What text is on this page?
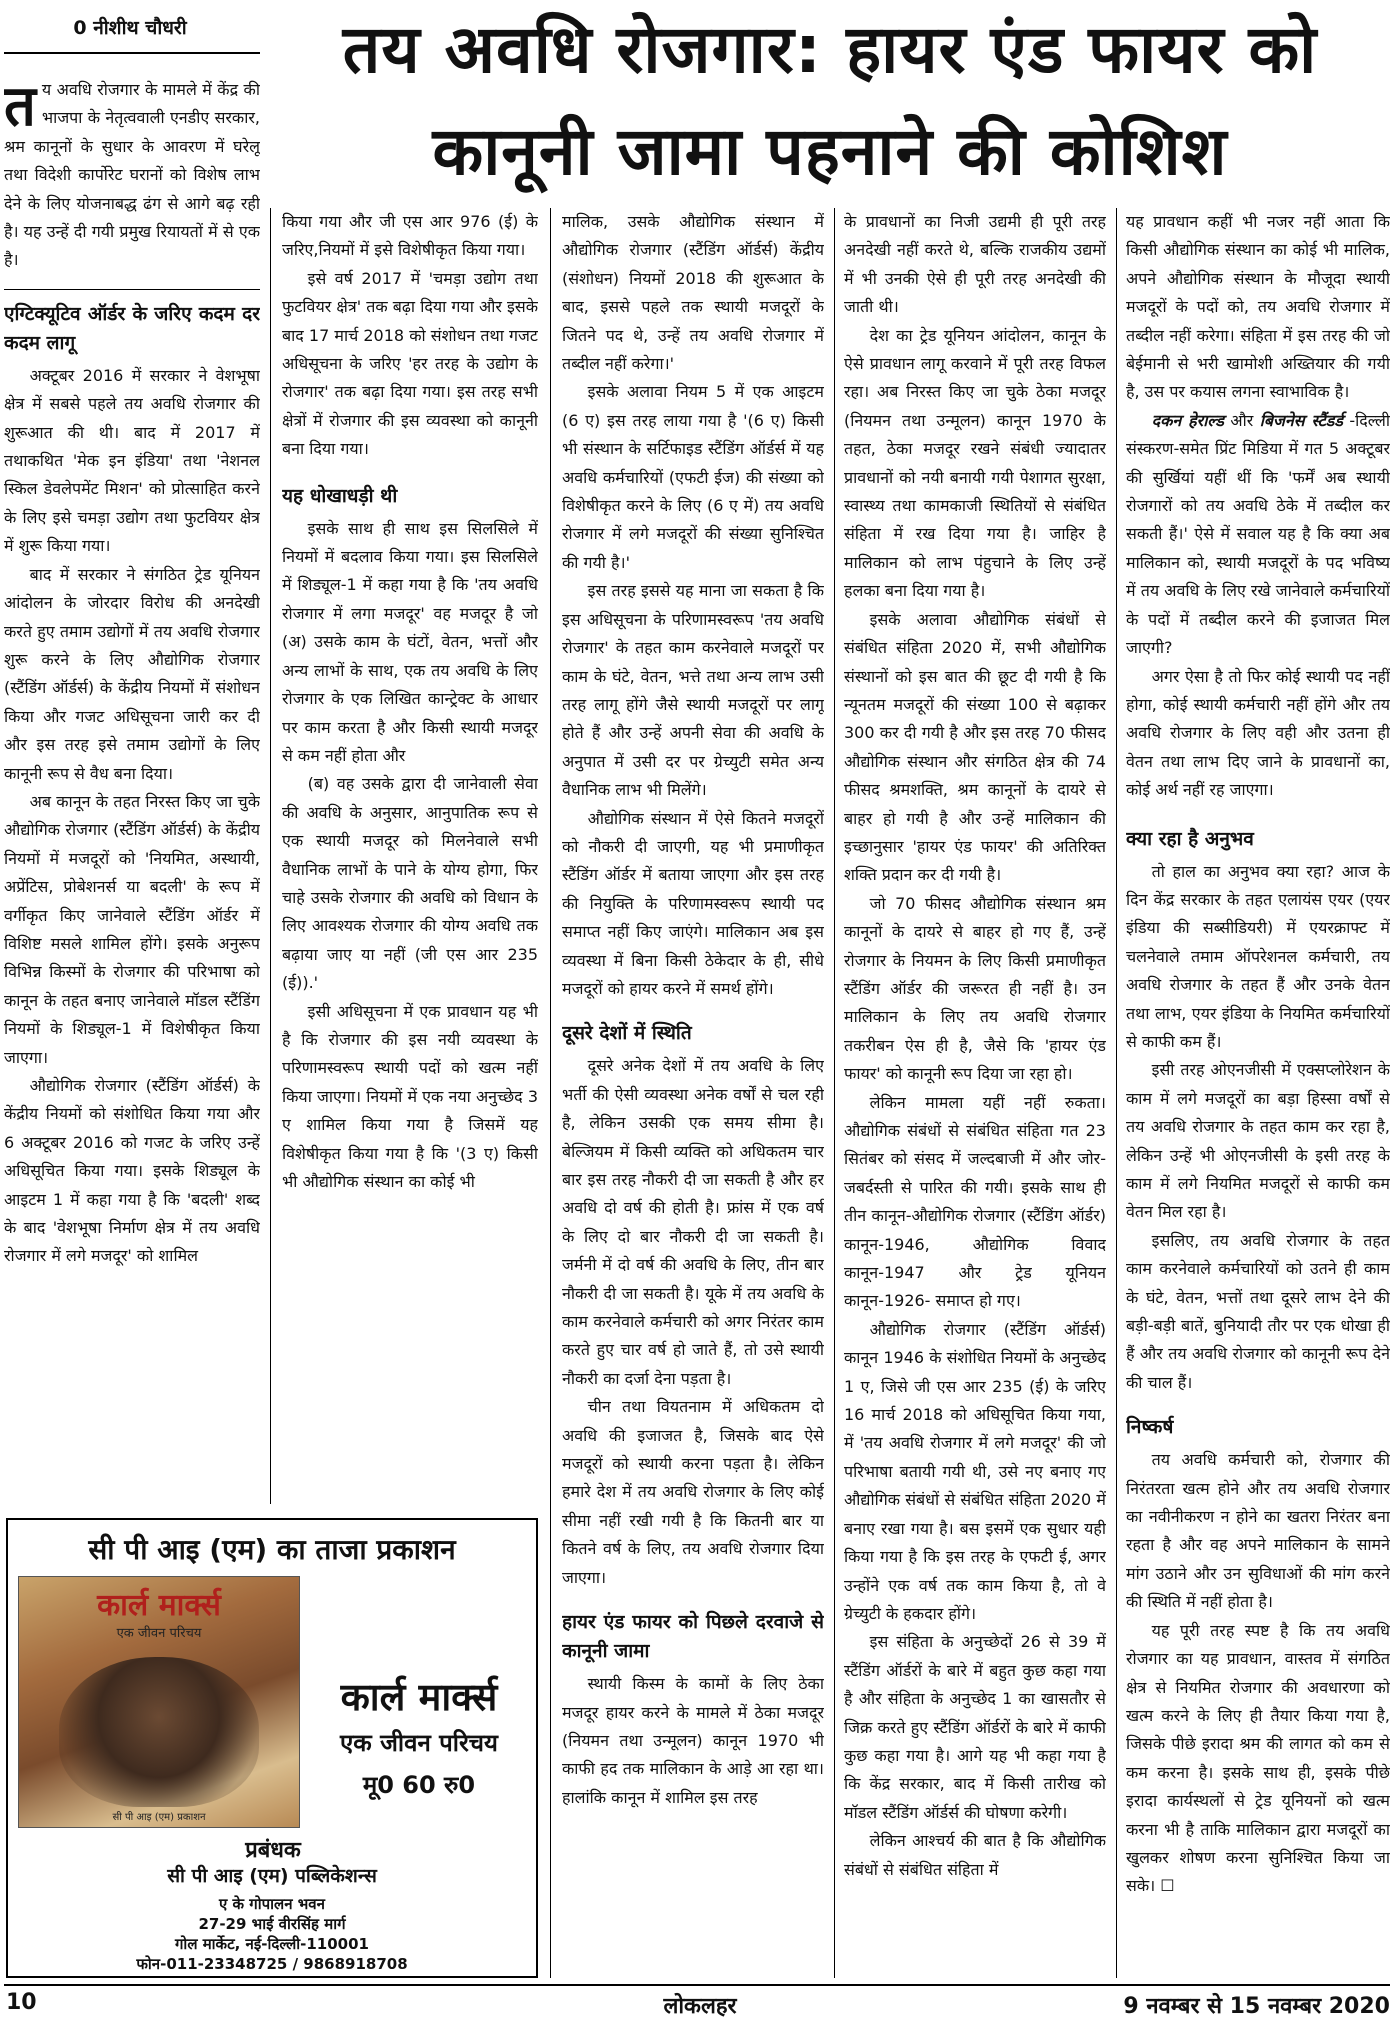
0 नीशीथ चौधरी	तय अवधि रोजगार: हायर एंड फायर को
कानूनी जामा पहनाने की कोशिश

तय अवधि रोजगार के मामले में केंद्र की भाजपा के नेतृत्ववाली एनडीए सरकार, श्रम कानूनों के सुधार के आवरण में घरेलू तथा विदेशी कार्पोरेट घरानों को विशेष लाभ देने के लिए योजनाबद्ध ढंग से आगे बढ़ रही है। यह उन्हें दी गयी प्रमुख रियायतों में से एक है।

एग्टिक्यूटिव ऑर्डर के जरिए कदम दर कदम लागू

अक्टूबर 2016 में सरकार ने वेशभूषा क्षेत्र में सबसे पहले तय अवधि रोजगार की शुरूआत की थी। बाद में 2017 में तथाकथित 'मेक इन इंडिया' तथा 'नेशनल स्किल डेवलेपमेंट मिशन' को प्रोत्साहित करने के लिए इसे चमड़ा उद्योग तथा फुटवियर क्षेत्र में शुरू किया गया।

बाद में सरकार ने संगठित ट्रेड यूनियन आंदोलन के जोरदार विरोध की अनदेखी करते हुए तमाम उद्योगों में तय अवधि रोजगार शुरू करने के लिए औद्योगिक रोजगार (स्टैंडिंग ऑर्डर्स) के केंद्रीय नियमों में संशोधन किया और गजट अधिसूचना जारी कर दी और इस तरह इसे तमाम उद्योगों के लिए कानूनी रूप से वैध बना दिया।

अब कानून के तहत निरस्त किए जा चुके औद्योगिक रोजगार (स्टैंडिंग ऑर्डर्स) के केंद्रीय नियमों में मजदूरों को 'नियमित, अस्थायी, अप्रेंटिस, प्रोबेशनर्स या बदली' के रूप में वर्गीकृत किए जानेवाले स्टैंडिंग ऑर्डर में विशिष्ट मसले शामिल होंगे। इसके अनुरूप विभिन्न किस्मों के रोजगार की परिभाषा को कानून के तहत बनाए जानेवाले मॉडल स्टैंडिंग नियमों के शिड्यूल-1 में विशेषीकृत किया जाएगा।

औद्योगिक रोजगार (स्टैंडिंग ऑर्डर्स) के केंद्रीय नियमों को संशोधित किया गया और 6 अक्टूबर 2016 को गजट के जरिए उन्हें अधिसूचित किया गया। इसके शिड्यूल के आइटम 1 में कहा गया है कि 'बदली' शब्द के बाद 'वेशभूषा निर्माण क्षेत्र में तय अवधि रोजगार में लगे मजदूर' को शामिल

किया गया और जी एस आर 976 (ई) के जरिए,नियमों में इसे विशेषीकृत किया गया।

इसे वर्ष 2017 में 'चमड़ा उद्योग तथा फुटवियर क्षेत्र' तक बढ़ा दिया गया और इसके बाद 17 मार्च 2018 को संशोधन तथा गजट अधिसूचना के जरिए 'हर तरह के उद्योग के रोजगार' तक बढ़ा दिया गया। इस तरह सभी क्षेत्रों में रोजगार की इस व्यवस्था को कानूनी बना दिया गया।

यह धोखाधड़ी थी

इसके साथ ही साथ इस सिलसिले में नियमों में बदलाव किया गया। इस सिलसिले में शिड्यूल-1 में कहा गया है कि 'तय अवधि रोजगार में लगा मजदूर' वह मजदूर है जो (अ) उसके काम के घंटों, वेतन, भत्तों और अन्य लाभों के साथ, एक तय अवधि के लिए रोजगार के एक लिखित कान्ट्रेक्ट के आधार पर काम करता है और किसी स्थायी मजदूर से कम नहीं होता और

(ब) वह उसके द्वारा दी जानेवाली सेवा की अवधि के अनुसार, आनुपातिक रूप से एक स्थायी मजदूर को मिलनेवाले सभी वैधानिक लाभों के पाने के योग्य होगा, फिर चाहे उसके रोजगार की अवधि को विधान के लिए आवश्यक रोजगार की योग्य अवधि तक बढ़ाया जाए या नहीं (जी एस आर 235 (ई)).'

इसी अधिसूचना में एक प्रावधान यह भी है कि रोजगार की इस नयी व्यवस्था के परिणामस्वरूप स्थायी पदों को खत्म नहीं किया जाएगा। नियमों में एक नया अनुच्छेद 3 ए शामिल किया गया है जिसमें यह विशेषीकृत किया गया है कि '(3 ए) किसी भी औद्योगिक संस्थान का कोई भी

सी पी आइ (एम) का ताजा प्रकाशन
कार्ल मार्क्स
एक जीवन परिचय
सी पी आइ (एम) प्रकाशन
कार्ल मार्क्स
एक जीवन परिचय
मू0 60 रु0
प्रबंधक
सी पी आइ (एम) पब्लिकेशन्स
ए के गोपालन भवन
27-29 भाई वीरसिंह मार्ग
गोल मार्केट, नई-दिल्ली-110001
फोन-011-23348725 / 9868918708

मालिक, उसके औद्योगिक संस्थान में औद्योगिक रोजगार (स्टैंडिंग ऑर्डर्स) केंद्रीय (संशोधन) नियमों 2018 की शुरूआत के बाद, इससे पहले तक स्थायी मजदूरों के जितने पद थे, उन्हें तय अवधि रोजगार में तब्दील नहीं करेगा।'

इसके अलावा नियम 5 में एक आइटम (6 ए) इस तरह लाया गया है '(6 ए) किसी भी संस्थान के सर्टिफाइड स्टैंडिंग ऑर्डर्स में यह अवधि कर्मचारियों (एफटी ईज) की संख्या को विशेषीकृत करने के लिए (6 ए में) तय अवधि रोजगार में लगे मजदूरों की संख्या सुनिश्चित की गयी है।'

इस तरह इससे यह माना जा सकता है कि इस अधिसूचना के परिणामस्वरूप 'तय अवधि रोजगार' के तहत काम करनेवाले मजदूरों पर काम के घंटे, वेतन, भत्ते तथा अन्य लाभ उसी तरह लागू होंगे जैसे स्थायी मजदूरों पर लागू होते हैं और उन्हें अपनी सेवा की अवधि के अनुपात में उसी दर पर ग्रेच्युटी समेत अन्य वैधानिक लाभ भी मिलेंगे।

औद्योगिक संस्थान में ऐसे कितने मजदूरों को नौकरी दी जाएगी, यह भी प्रमाणीकृत स्टैंडिंग ऑर्डर में बताया जाएगा और इस तरह की नियुक्ति के परिणामस्वरूप स्थायी पद समाप्त नहीं किए जाएंगे। मालिकान अब इस व्यवस्था में बिना किसी ठेकेदार के ही, सीधे मजदूरों को हायर करने में समर्थ होंगे।

दूसरे देशों में स्थिति

दूसरे अनेक देशों में तय अवधि के लिए भर्ती की ऐसी व्यवस्था अनेक वर्षों से चल रही है, लेकिन उसकी एक समय सीमा है। बेल्जियम में किसी व्यक्ति को अधिकतम चार बार इस तरह नौकरी दी जा सकती है और हर अवधि दो वर्ष की होती है। फ्रांस में एक वर्ष के लिए दो बार नौकरी दी जा सकती है। जर्मनी में दो वर्ष की अवधि के लिए, तीन बार नौकरी दी जा सकती है। यूके में तय अवधि के काम करनेवाले कर्मचारी को अगर निरंतर काम करते हुए चार वर्ष हो जाते हैं, तो उसे स्थायी नौकरी का दर्जा देना पड़ता है।

चीन तथा वियतनाम में अधिकतम दो अवधि की इजाजत है, जिसके बाद ऐसे मजदूरों को स्थायी करना पड़ता है। लेकिन हमारे देश में तय अवधि रोजगार के लिए कोई सीमा नहीं रखी गयी है कि कितनी बार या कितने वर्ष के लिए, तय अवधि रोजगार दिया जाएगा।

हायर एंड फायर को पिछले दरवाजे से कानूनी जामा

स्थायी किस्म के कामों के लिए ठेका मजदूर हायर करने के मामले में ठेका मजदूर (नियमन तथा उन्मूलन) कानून 1970 भी काफी हद तक मालिकान के आड़े आ रहा था। हालांकि कानून में शामिल इस तरह

के प्रावधानों का निजी उद्यमी ही पूरी तरह अनदेखी नहीं करते थे, बल्कि राजकीय उद्यमों में भी उनकी ऐसे ही पूरी तरह अनदेखी की जाती थी।

देश का ट्रेड यूनियन आंदोलन, कानून के ऐसे प्रावधान लागू करवाने में पूरी तरह विफल रहा। अब निरस्त किए जा चुके ठेका मजदूर (नियमन तथा उन्मूलन) कानून 1970 के तहत, ठेका मजदूर रखने संबंधी ज्यादातर प्रावधानों को नयी बनायी गयी पेशागत सुरक्षा, स्वास्थ्य तथा कामकाजी स्थितियों से संबंधित संहिता में रख दिया गया है। जाहिर है मालिकान को लाभ पंहुचाने के लिए उन्हें हलका बना दिया गया है।

इसके अलावा औद्योगिक संबंधों से संबंधित संहिता 2020 में, सभी औद्योगिक संस्थानों को इस बात की छूट दी गयी है कि न्यूनतम मजदूरों की संख्या 100 से बढ़ाकर 300 कर दी गयी है और इस तरह 70 फीसद औद्योगिक संस्थान और संगठित क्षेत्र की 74 फीसद श्रमशक्ति, श्रम कानूनों के दायरे से बाहर हो गयी है और उन्हें मालिकान की इच्छानुसार 'हायर एंड फायर' की अतिरिक्त शक्ति प्रदान कर दी गयी है।

जो 70 फीसद औद्योगिक संस्थान श्रम कानूनों के दायरे से बाहर हो गए हैं, उन्हें रोजगार के नियमन के लिए किसी प्रमाणीकृत स्टैंडिंग ऑर्डर की जरूरत ही नहीं है। उन मालिकान के लिए तय अवधि रोजगार तकरीबन ऐस ही है, जैसे कि 'हायर एंड फायर' को कानूनी रूप दिया जा रहा हो।

लेकिन मामला यहीं नहीं रुकता। औद्योगिक संबंधों से संबंधित संहिता गत 23 सितंबर को संसद में जल्दबाजी में और जोर-जबर्दस्ती से पारित की गयी। इसके साथ ही तीन कानून-औद्योगिक रोजगार (स्टैंडिंग ऑर्डर) कानून-1946, औद्योगिक विवाद कानून-1947 और ट्रेड यूनियन कानून-1926- समाप्त हो गए।

औद्योगिक रोजगार (स्टैंडिंग ऑर्डर्स) कानून 1946 के संशोधित नियमों के अनुच्छेद 1 ए, जिसे जी एस आर 235 (ई) के जरिए 16 मार्च 2018 को अधिसूचित किया गया, में 'तय अवधि रोजगार में लगे मजदूर' की जो परिभाषा बतायी गयी थी, उसे नए बनाए गए औद्योगिक संबंधों से संबंधित संहिता 2020 में बनाए रखा गया है। बस इसमें एक सुधार यही किया गया है कि इस तरह के एफटी ई, अगर उन्होंने एक वर्ष तक काम किया है, तो वे ग्रेच्युटी के हकदार होंगे।

इस संहिता के अनुच्छेदों 26 से 39 में स्टैंडिंग ऑर्डरों के बारे में बहुत कुछ कहा गया है और संहिता के अनुच्छेद 1 का खासतौर से जिक्र करते हुए स्टैंडिंग ऑर्डरों के बारे में काफी कुछ कहा गया है। आगे यह भी कहा गया है कि केंद्र सरकार, बाद में किसी तारीख को मॉडल स्टैंडिंग ऑर्डर्स की घोषणा करेगी।

लेकिन आश्चर्य की बात है कि औद्योगिक संबंधों से संबंधित संहिता में

यह प्रावधान कहीं भी नजर नहीं आता कि किसी औद्योगिक संस्थान का कोई भी मालिक, अपने औद्योगिक संस्थान के मौजूदा स्थायी मजदूरों के पदों को, तय अवधि रोजगार में तब्दील नहीं करेगा। संहिता में इस तरह की जो बेईमानी से भरी खामोशी अख्तियार की गयी है, उस पर कयास लगना स्वाभाविक है।

दकन हेराल्ड और बिजनेस स्टैंडर्ड -दिल्ली संस्करण-समेत प्रिंट मिडिया में गत 5 अक्टूबर की सुर्खियां यहीं थीं कि 'फर्में अब स्थायी रोजगारों को तय अवधि ठेके में तब्दील कर सकती हैं।' ऐसे में सवाल यह है कि क्या अब मालिकान को, स्थायी मजदूरों के पद भविष्य में तय अवधि के लिए रखे जानेवाले कर्मचारियों के पदों में तब्दील करने की इजाजत मिल जाएगी?

अगर ऐसा है तो फिर कोई स्थायी पद नहीं होगा, कोई स्थायी कर्मचारी नहीं होंगे और तय अवधि रोजगार के लिए वही और उतना ही वेतन तथा लाभ दिए जाने के प्रावधानों का, कोई अर्थ नहीं रह जाएगा।

क्या रहा है अनुभव

तो हाल का अनुभव क्या रहा? आज के दिन केंद्र सरकार के तहत एलायंस एयर (एयर इंडिया की सब्सीडियरी) में एयरक्राफ्ट में चलनेवाले तमाम ऑपरेशनल कर्मचारी, तय अवधि रोजगार के तहत हैं और उनके वेतन तथा लाभ, एयर इंडिया के नियमित कर्मचारियों से काफी कम हैं।

इसी तरह ओएनजीसी में एक्सप्लोरेशन के काम में लगे मजदूरों का बड़ा हिस्सा वर्षों से तय अवधि रोजगार के तहत काम कर रहा है, लेकिन उन्हें भी ओएनजीसी के इसी तरह के काम में लगे नियमित मजदूरों से काफी कम वेतन मिल रहा है।

इसलिए, तय अवधि रोजगार के तहत काम करनेवाले कर्मचारियों को उतने ही काम के घंटे, वेतन, भत्तों तथा दूसरे लाभ देने की बड़ी-बड़ी बातें, बुनियादी तौर पर एक धोखा ही हैं और तय अवधि रोजगार को कानूनी रूप देने की चाल हैं।

निष्कर्ष

तय अवधि कर्मचारी को, रोजगार की निरंतरता खत्म होने और तय अवधि रोजगार का नवीनीकरण न होने का खतरा निरंतर बना रहता है और वह अपने मालिकान के सामने मांग उठाने और उन सुविधाओं की मांग करने की स्थिति में नहीं होता है।

यह पूरी तरह स्पष्ट है कि तय अवधि रोजगार का यह प्रावधान, वास्तव में संगठित क्षेत्र से नियमित रोजगार की अवधारणा को खत्म करने के लिए ही तैयार किया गया है, जिसके पीछे इरादा श्रम की लागत को कम से कम करना है। इसके साथ ही, इसके पीछे इरादा कार्यस्थलों से ट्रेड यूनियनों को खत्म करना भी है ताकि मालिकान द्वारा मजदूरों का खुलकर शोषण करना सुनिश्चित किया जा सके। ☐

10	लोकलहर	9 नवम्बर से 15 नवम्बर 2020
